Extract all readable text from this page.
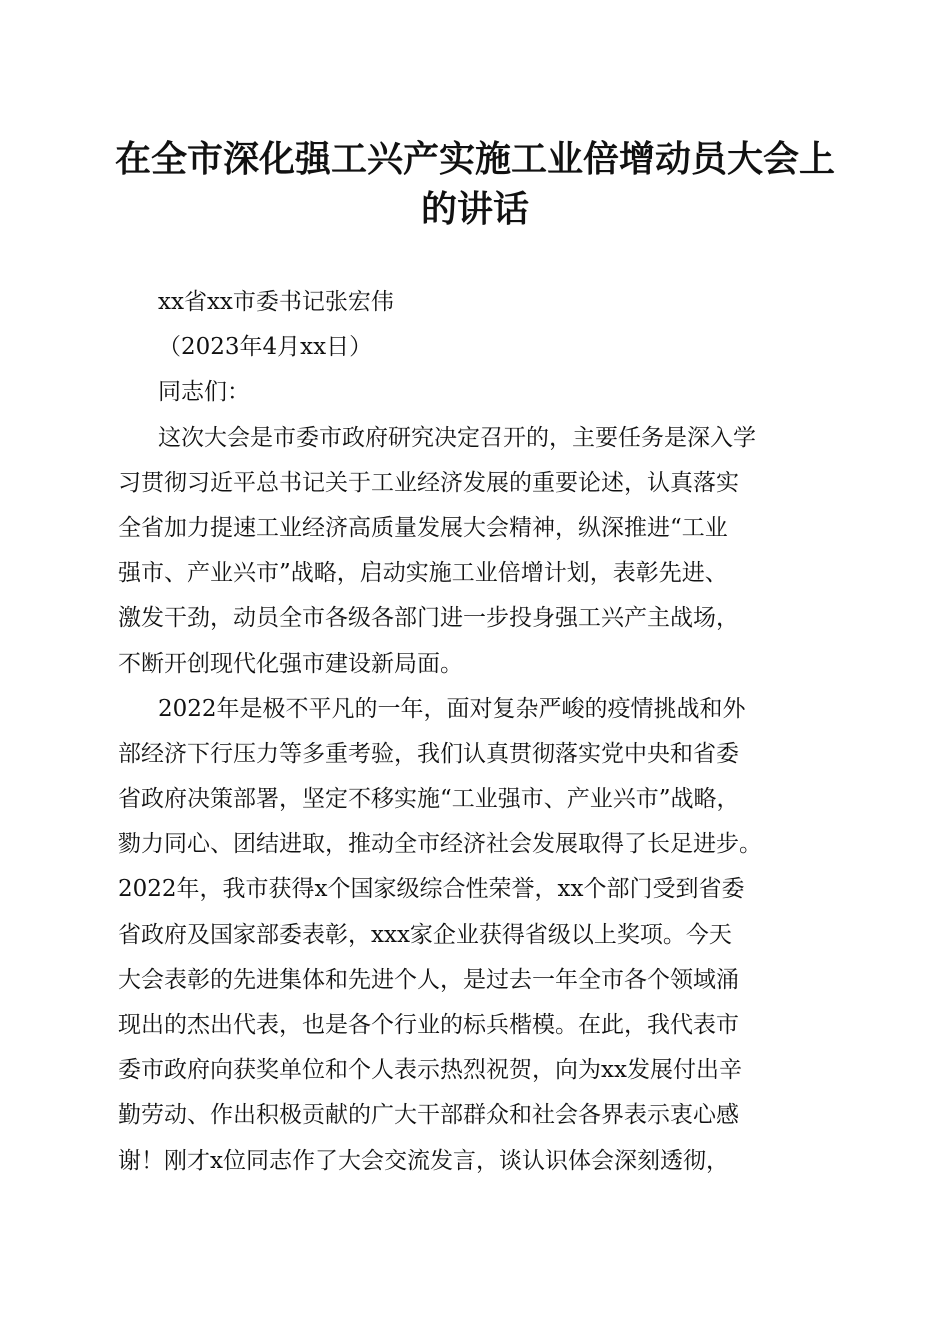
在全市深化强工兴产实施工业倍增动员大会上
的讲话
xx省xx市委书记张宏伟
（2023年4月xx日）
同志们：
这次大会是市委市政府研究决定召开的，主要任务是深入学
习贯彻习近平总书记关于工业经济发展的重要论述，认真落实
全省加力提速工业经济高质量发展大会精神，纵深推进“工业
强市、产业兴市”战略，启动实施工业倍增计划，表彰先进、
激发干劲，动员全市各级各部门进一步投身强工兴产主战场，
不断开创现代化强市建设新局面。
2022年是极不平凡的一年，面对复杂严峻的疫情挑战和外
部经济下行压力等多重考验，我们认真贯彻落实党中央和省委
省政府决策部署，坚定不移实施“工业强市、产业兴市”战略，
勠力同心、团结进取，推动全市经济社会发展取得了长足进步。
2022年，我市获得x个国家级综合性荣誉，xx个部门受到省委
省政府及国家部委表彰，xxx家企业获得省级以上奖项。今天
大会表彰的先进集体和先进个人，是过去一年全市各个领域涌
现出的杰出代表，也是各个行业的标兵楷模。在此，我代表市
委市政府向获奖单位和个人表示热烈祝贺，向为xx发展付出辛
勤劳动、作出积极贡献的广大干部群众和社会各界表示衷心感
谢！刚才x位同志作了大会交流发言，谈认识体会深刻透彻，
